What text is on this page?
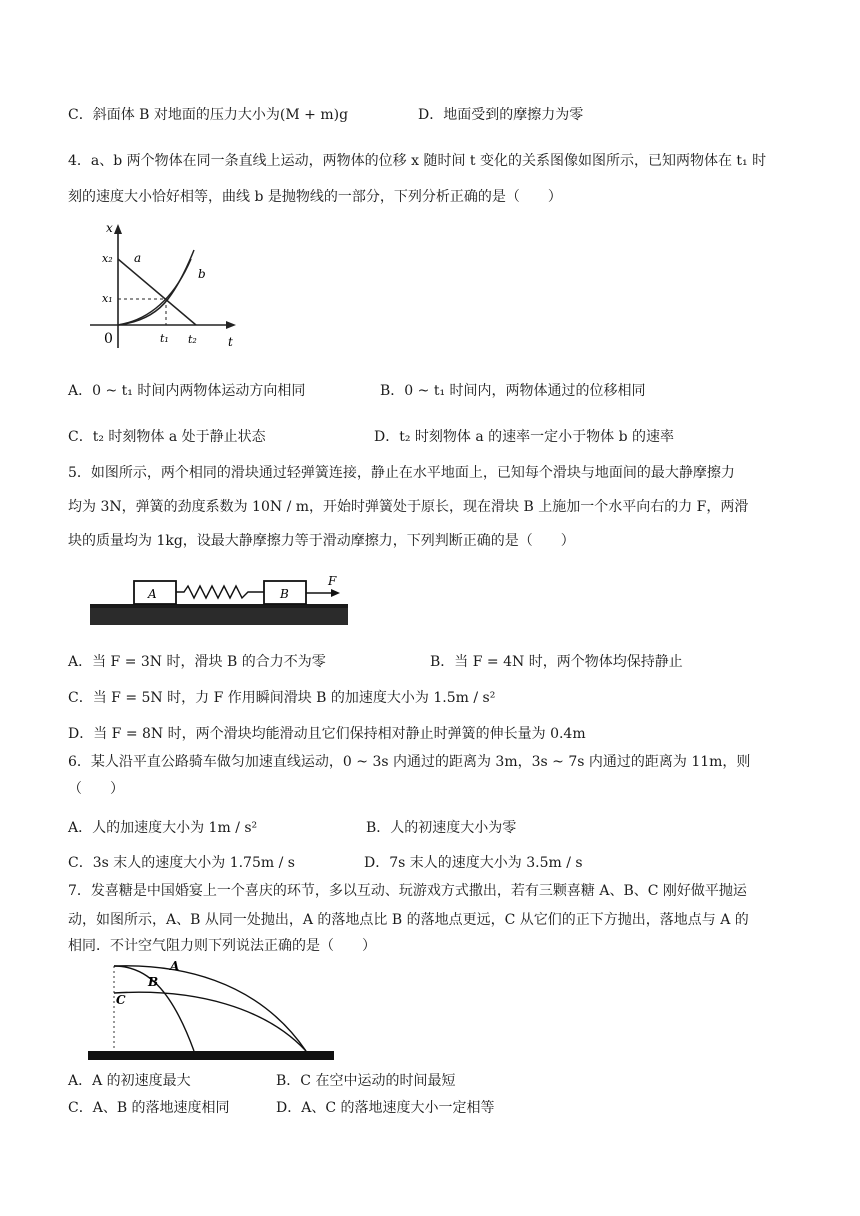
C．斜面体 B 对地面的压力大小为(M + m)g	D．地面受到的摩擦力为零
4．a、b 两个物体在同一条直线上运动，两物体的位移 x 随时间 t 变化的关系图像如图所示，已知两物体在 t₁ 时
刻的速度大小恰好相等，曲线 b 是抛物线的一部分，下列分析正确的是（　　）
x
x₂
x₁
0	t₁ t₂	t
a
b
A．0 ~ t₁ 时间内两物体运动方向相同	B．0 ~ t₁ 时间内，两物体通过的位移相同
C．t₂ 时刻物体 a 处于静止状态	D．t₂ 时刻物体 a 的速率一定小于物体 b 的速率
5．如图所示，两个相同的滑块通过轻弹簧连接，静止在水平地面上，已知每个滑块与地面间的最大静摩擦力
均为 3N，弹簧的劲度系数为 10N / m，开始时弹簧处于原长，现在滑块 B 上施加一个水平向右的力 F，两滑
块的质量均为 1kg，设最大静摩擦力等于滑动摩擦力，下列判断正确的是（　　）
A	B
F
A．当 F = 3N 时，滑块 B 的合力不为零	B．当 F = 4N 时，两个物体均保持静止
C．当 F = 5N 时，力 F 作用瞬间滑块 B 的加速度大小为 1.5m / s²
D．当 F = 8N 时，两个滑块均能滑动且它们保持相对静止时弹簧的伸长量为 0.4m
6．某人沿平直公路骑车做匀加速直线运动，0 ~ 3s 内通过的距离为 3m，3s ~ 7s 内通过的距离为 11m，则
（　　）
A．人的加速度大小为 1m / s²	B．人的初速度大小为零
C．3s 末人的速度大小为 1.75m / s	D．7s 末人的速度大小为 3.5m / s
7．发喜糖是中国婚宴上一个喜庆的环节，多以互动、玩游戏方式撒出，若有三颗喜糖 A、B、C 刚好做平抛运
动，如图所示，A、B 从同一处抛出，A 的落地点比 B 的落地点更远，C 从它们的正下方抛出，落地点与 A 的
相同．不计空气阻力则下列说法正确的是（　　）
A
B
C
A．A 的初速度最大	B．C 在空中运动的时间最短
C．A、B 的落地速度相同	D．A、C 的落地速度大小一定相等
